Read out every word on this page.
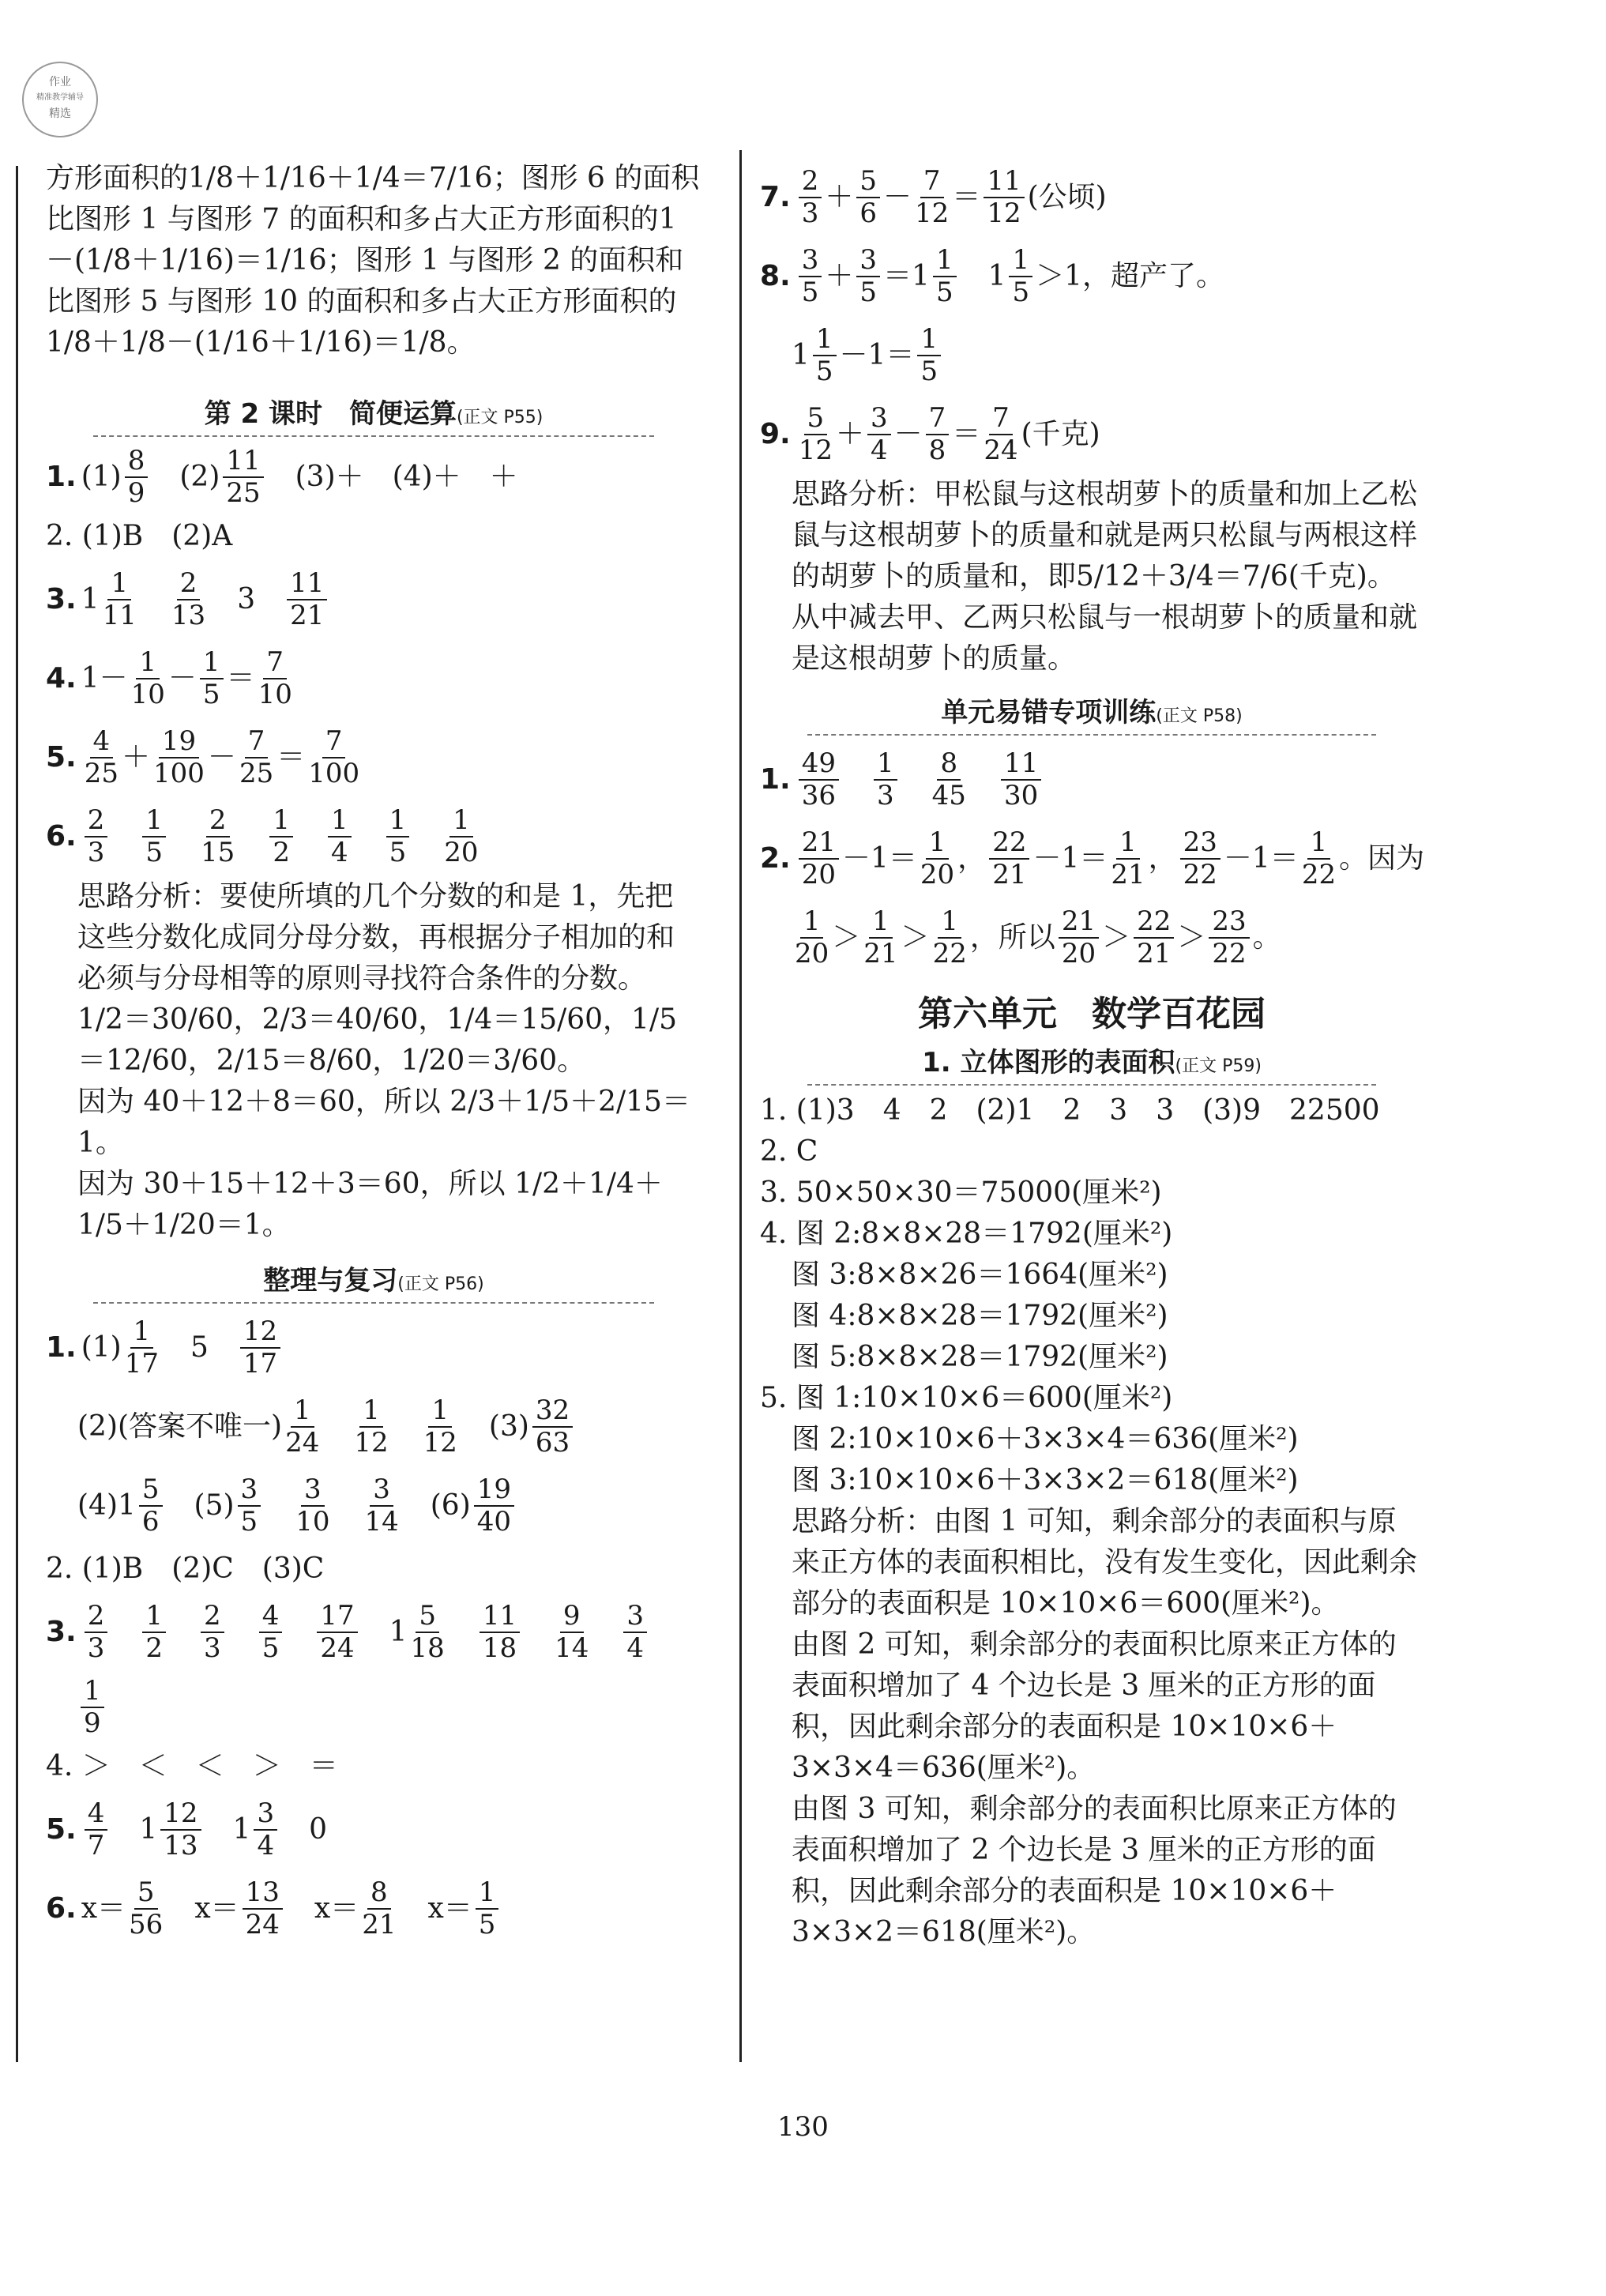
作业
精准教学辅导
精选
方形面积的1/8＋1/16＋1/4＝7/16；图形 6 的面积比图形 1 与图形 7 的面积和多占大正方形面积的1－(1/8＋1/16)＝1/16；图形 1 与图形 2 的面积和比图形 5 与图形 10 的面积和多占大正方形面积的1/8＋1/8－(1/16＋1/16)＝1/8。
第 2 课时　简便运算(正文 P55)
1. (1)
8
9 　(2)
11
25 　(3)＋　(4)＋　＋
2. (1)B　(2)A
3. 1
1
11

2
13 　3　
11
21
4. 1－
1
10 －
1
5 ＝
7
10
5.
4
25 ＋
19
100 －
7
25 ＝
7
100
6.
2
3

1
5

2
15

1
2

1
4

1
5

1
20
思路分析：要使所填的几个分数的和是 1，先把这些分数化成同分母分数，再根据分子相加的和必须与分母相等的原则寻找符合条件的分数。
1/2＝30/60，2/3＝40/60，1/4＝15/60，1/5＝12/60，2/15＝8/60，1/20＝3/60。
因为 40＋12＋8＝60，所以 2/3＋1/5＋2/15＝1。
因为 30＋15＋12＋3＝60，所以 1/2＋1/4＋1/5＋1/20＝1。
整理与复习(正文 P56)
1. (1)
1
17 　5　
12
17
(2)(答案不唯一)
1
24

1
12

1
12 　(3)
32
63
(4)1
5
6 　(5)
3
5

3
10

3
14 　(6)
19
40
2. (1)B　(2)C　(3)C
3.
2
3

1
2

2
3

4
5

17
24 　1
5
18

11
18

9
14

3
4
1
9
4. ＞　＜　＜　＞　＝
5.
4
7 　1
12
13 　1
3
4 　0
6. x＝
5
56 　x＝
13
24 　x＝
8
21 　x＝
1
5
7.
2
3 ＋
5
6 －
7
12 ＝
11
12 (公顷)
8.
3
5 ＋
3
5 ＝1
1
5 　1
1
5 ＞1， 超产了。
1
1
5 －1＝
1
5
9.
5
12 ＋
3
4 －
7
8 ＝
7
24 (千克)
思路分析：甲松鼠与这根胡萝卜的质量和加上乙松鼠与这根胡萝卜的质量和就是两只松鼠与两根这样的胡萝卜的质量和，即5/12＋3/4＝7/6(千克)。从中减去甲、乙两只松鼠与一根胡萝卜的质量和就是这根胡萝卜的质量。
单元易错专项训练(正文 P58)
1.
49
36

1
3

8
45

11
30
2.
21
20 －1＝
1
20 ，
22
21 －1＝
1
21 ，
23
22 －1＝
1
22 。 因为
1
20 ＞
1
21 ＞
1
22 ，所以
21
20 ＞
22
21 ＞
23
22 。
第六单元　数学百花园
1. 立体图形的表面积(正文 P59)
1. (1)3　4　2　(2)1　2　3　3　(3)9　22500
2. C
3. 50×50×30＝75000(厘米²)
4. 图 2:8×8×28＝1792(厘米²)
图 3:8×8×26＝1664(厘米²)
图 4:8×8×28＝1792(厘米²)
图 5:8×8×28＝1792(厘米²)
5. 图 1:10×10×6＝600(厘米²)
图 2:10×10×6＋3×3×4＝636(厘米²)
图 3:10×10×6＋3×3×2＝618(厘米²)
思路分析：由图 1 可知，剩余部分的表面积与原来正方体的表面积相比，没有发生变化，因此剩余部分的表面积是 10×10×6＝600(厘米²)。
由图 2 可知，剩余部分的表面积比原来正方体的表面积增加了 4 个边长是 3 厘米的正方形的面积，因此剩余部分的表面积是 10×10×6＋3×3×4＝636(厘米²)。
由图 3 可知，剩余部分的表面积比原来正方体的表面积增加了 2 个边长是 3 厘米的正方形的面积，因此剩余部分的表面积是 10×10×6＋3×3×2＝618(厘米²)。
130
